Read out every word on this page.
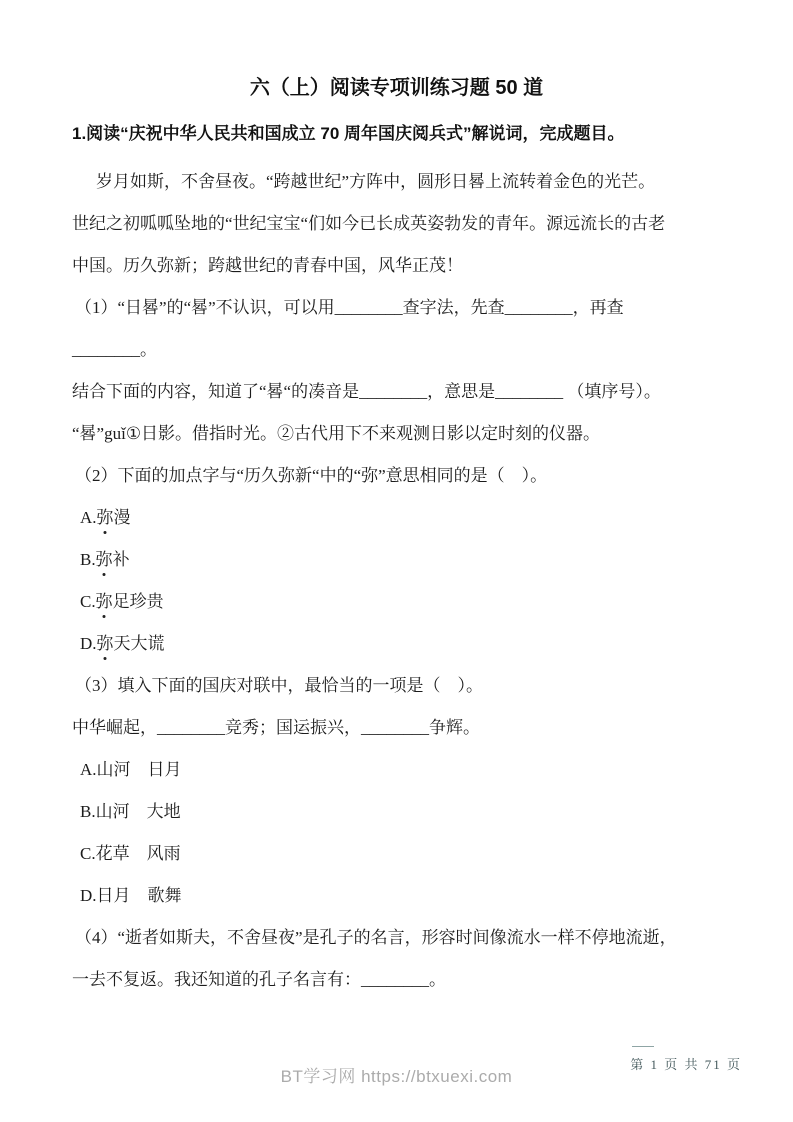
六（上）阅读专项训练习题 50 道
1.阅读“庆祝中华人民共和国成立 70 周年国庆阅兵式”解说词，完成题目。
岁月如斯，不舍昼夜。“跨越世纪”方阵中，圆形日晷上流转着金色的光芒。
世纪之初呱呱坠地的“世纪宝宝“们如今已长成英姿勃发的青年。源远流长的古老
中国。历久弥新；跨越世纪的青春中国，风华正茂！
（1）“日晷”的“晷”不认识，可以用________查字法，先查________，再查
________。
结合下面的内容，知道了“晷“的凑音是________，意思是________ （填序号）。
“晷”guǐ①日影。借指时光。②古代用下不来观测日影以定时刻的仪器。
（2）下面的加点字与“历久弥新“中的“弥”意思相同的是（　）。
A.弥漫
B.弥补
C.弥足珍贵
D.弥天大谎
（3）填入下面的国庆对联中，最恰当的一项是（　）。
中华崛起，________竞秀；国运振兴，________争辉。
A.山河　日月
B.山河　大地
C.花草　风雨
D.日月　歌舞
（4）“逝者如斯夫，不舍昼夜”是孔子的名言，形容时间像流水一样不停地流逝，
一去不复返。我还知道的孔子名言有：________。
BT学习网 https://btxuexi.com
第 1 页 共 71 页
